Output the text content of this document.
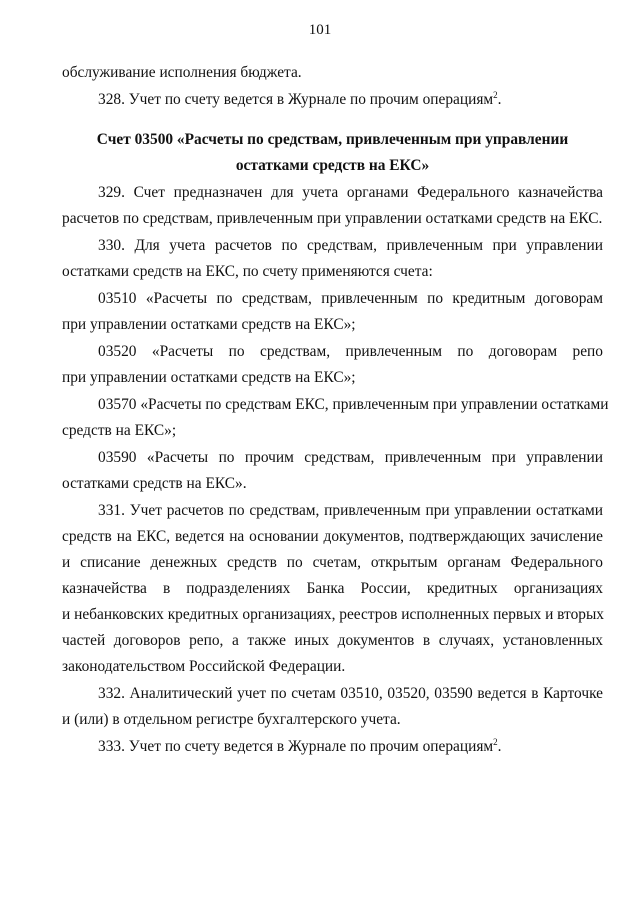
101
обслуживание исполнения бюджета.
328. Учет по счету ведется в Журнале по прочим операциям$^2$.
Счет 03500 «Расчеты по средствам, привлеченным при управлении
остатками средств на ЕКС»
329. Счет предназначен для учета органами Федерального казначейства
расчетов по средствам, привлеченным при управлении остатками средств на ЕКС.
330. Для учета расчетов по средствам, привлеченным при управлении
остатками средств на ЕКС, по счету применяются счета:
03510 «Расчеты по средствам, привлеченным по кредитным договорам
при управлении остатками средств на ЕКС»;
03520 «Расчеты по средствам, привлеченным по договорам репо
при управлении остатками средств на ЕКС»;
03570 «Расчеты по средствам ЕКС, привлеченным при управлении остатками
средств на ЕКС»;
03590 «Расчеты по прочим средствам, привлеченным при управлении
остатками средств на ЕКС».
331. Учет расчетов по средствам, привлеченным при управлении остатками
средств на ЕКС, ведется на основании документов, подтверждающих зачисление
и списание денежных средств по счетам, открытым органам Федерального
казначейства в подразделениях Банка России, кредитных организациях
и небанковских кредитных организациях, реестров исполненных первых и вторых
частей договоров репо, а также иных документов в случаях, установленных
законодательством Российской Федерации.
332. Аналитический учет по счетам 03510, 03520, 03590 ведется в Карточке
и (или) в отдельном регистре бухгалтерского учета.
333. Учет по счету ведется в Журнале по прочим операциям$^2$.
